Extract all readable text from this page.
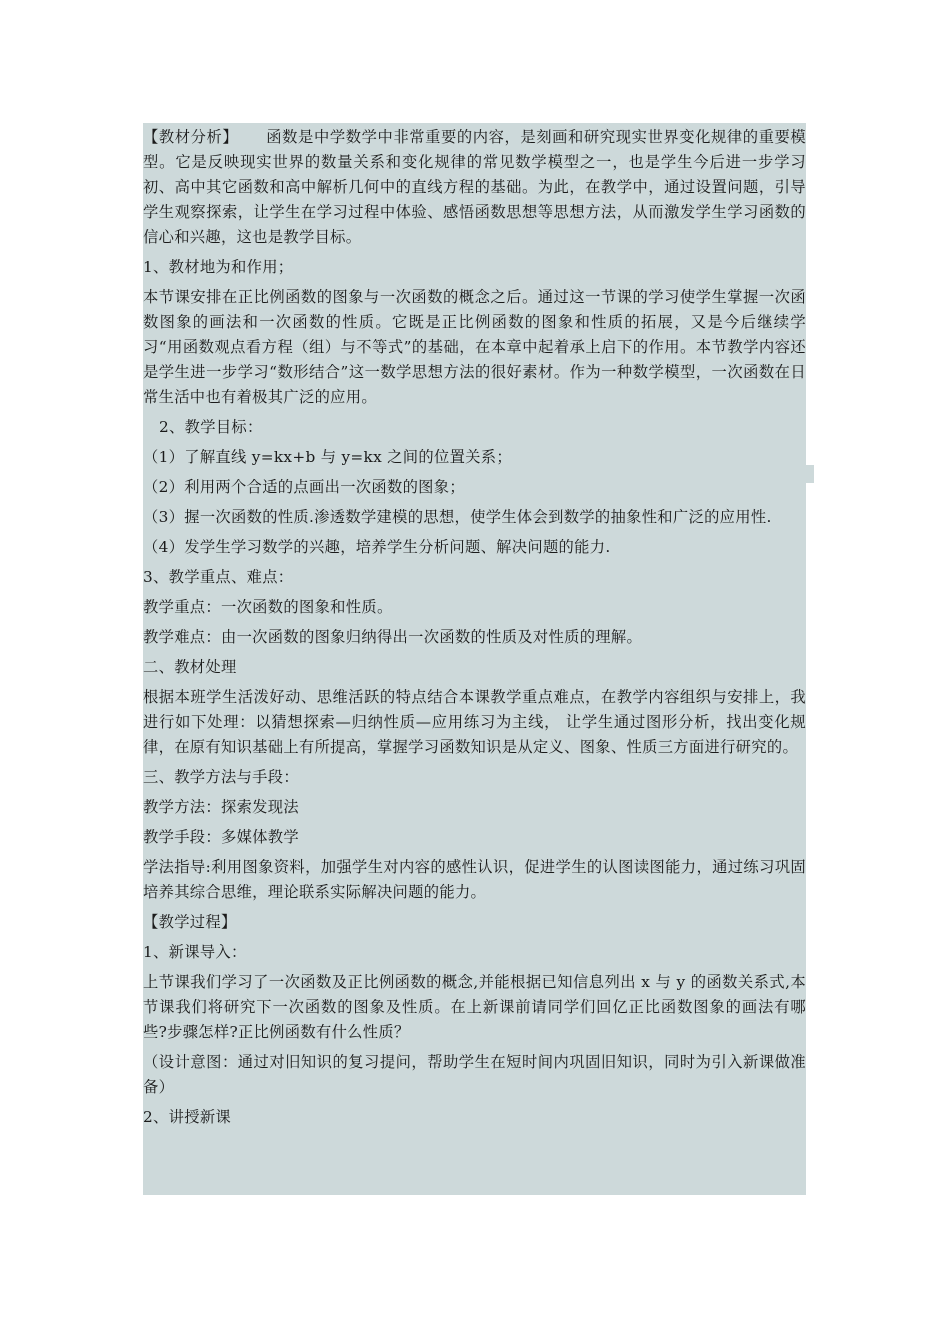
【教材分析】 函数是中学数学中非常重要的内容，是刻画和研究现实世界变化规律的重要模型。它是反映现实世界的数量关系和变化规律的常见数学模型之一，也是学生今后进一步学习初、高中其它函数和高中解析几何中的直线方程的基础。为此，在教学中，通过设置问题，引导学生观察探索，让学生在学习过程中体验、感悟函数思想等思想方法，从而激发学生学习函数的信心和兴趣，这也是教学目标。

1、教材地为和作用；

本节课安排在正比例函数的图象与一次函数的概念之后。通过这一节课的学习使学生掌握一次函数图象的画法和一次函数的性质。它既是正比例函数的图象和性质的拓展，又是今后继续学习“用函数观点看方程（组）与不等式”的基础，在本章中起着承上启下的作用。本节教学内容还是学生进一步学习“数形结合”这一数学思想方法的很好素材。作为一种数学模型，一次函数在日常生活中也有着极其广泛的应用。

2、教学目标：

（1）了解直线 y=kx+b 与 y=kx 之间的位置关系；

（2）利用两个合适的点画出一次函数的图象；

（3）握一次函数的性质.渗透数学建模的思想，使学生体会到数学的抽象性和广泛的应用性.

（4）发学生学习数学的兴趣，培养学生分析问题、解决问题的能力.

3、教学重点、难点：

教学重点：一次函数的图象和性质。

教学难点：由一次函数的图象归纳得出一次函数的性质及对性质的理解。

二、教材处理

根据本班学生活泼好动、思维活跃的特点结合本课教学重点难点，在教学内容组织与安排上，我进行如下处理：以猜想探索—归纳性质—应用练习为主线， 让学生通过图形分析，找出变化规律，在原有知识基础上有所提高，掌握学习函数知识是从定义、图象、性质三方面进行研究的。

三、教学方法与手段：

教学方法：探索发现法

教学手段：多媒体教学

学法指导:利用图象资料，加强学生对内容的感性认识，促进学生的认图读图能力，通过练习巩固培养其综合思维，理论联系实际解决问题的能力。

【教学过程】

1、新课导入：

上节课我们学习了一次函数及正比例函数的概念,并能根据已知信息列出 x 与 y 的函数关系式,本节课我们将研究下一次函数的图象及性质。在上新课前请同学们回亿正比函数图象的画法有哪些?步骤怎样?正比例函数有什么性质？

（设计意图：通过对旧知识的复习提问，帮助学生在短时间内巩固旧知识，同时为引入新课做准备）

2、讲授新课
